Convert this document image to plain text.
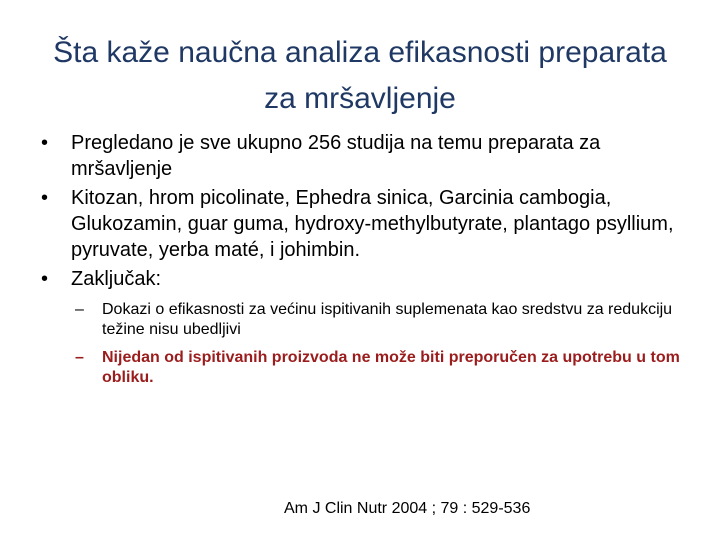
Šta kaže naučna analiza efikasnosti preparata za mršavljenje
• Pregledano je sve ukupno 256 studija na temu preparata za mršavljenje
• Kitozan, hrom picolinate, Ephedra sinica, Garcinia cambogia, Glukozamin, guar guma, hydroxy-methylbutyrate, plantago psyllium, pyruvate, yerba maté, i johimbin.
• Zaključak:
– Dokazi o efikasnosti za većinu ispitivanih suplemenata kao sredstvu za redukciju težine nisu ubedljivi
– Nijedan od ispitivanih proizvoda ne može biti preporučen za upotrebu u tom obliku.
Am J Clin Nutr 2004 ; 79 : 529-536
